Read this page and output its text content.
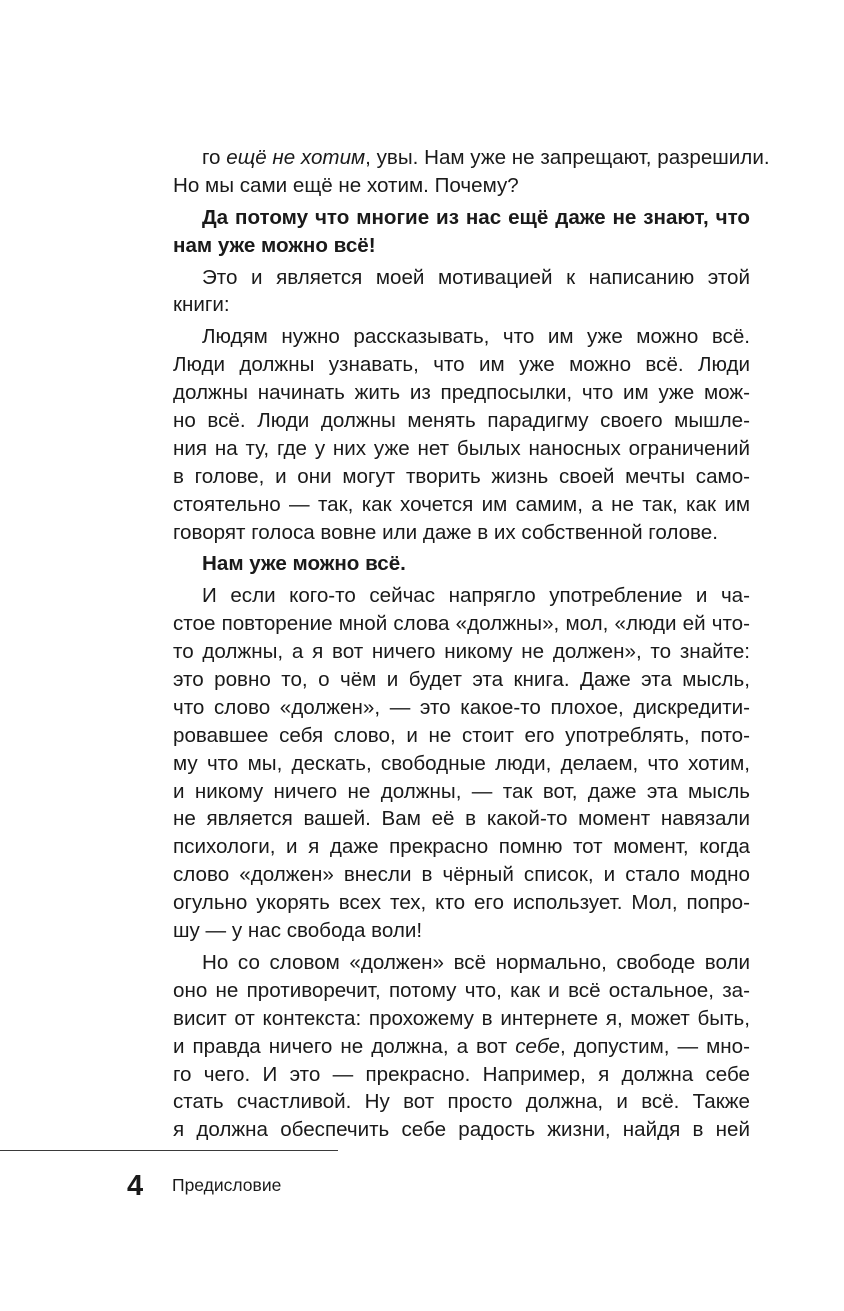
го ещё не хотим, увы. Нам уже не запрещают, разрешили.
Но мы сами ещё не хотим. Почему?
Да потому что многие из нас ещё даже не знают, что
нам уже можно всё!
Это и является моей мотивацией к написанию этой
книги:
Людям нужно рассказывать, что им уже можно всё.
Люди должны узнавать, что им уже можно всё. Люди
должны начинать жить из предпосылки, что им уже мож-
но всё. Люди должны менять парадигму своего мышле-
ния на ту, где у них уже нет былых наносных ограничений
в голове, и они могут творить жизнь своей мечты само-
стоятельно — так, как хочется им самим, а не так, как им
говорят голоса вовне или даже в их собственной голове.
Нам уже можно всё.
И если кого-то сейчас напрягло употребление и ча-
стое повторение мной слова «должны», мол, «люди ей что-
то должны, а я вот ничего никому не должен», то знайте:
это ровно то, о чём и будет эта книга. Даже эта мысль,
что слово «должен», — это какое-то плохое, дискредити-
ровавшее себя слово, и не стоит его употреблять, пото-
му что мы, дескать, свободные люди, делаем, что хотим,
и никому ничего не должны, — так вот, даже эта мысль
не является вашей. Вам её в какой-то момент навязали
психологи, и я даже прекрасно помню тот момент, когда
слово «должен» внесли в чёрный список, и стало модно
огульно укорять всех тех, кто его использует. Мол, попро-
шу — у нас свобода воли!
Но со словом «должен» всё нормально, свободе воли
оно не противоречит, потому что, как и всё остальное, за-
висит от контекста: прохожему в интернете я, может быть,
и правда ничего не должна, а вот себе, допустим, — мно-
го чего. И это — прекрасно. Например, я должна себе
стать счастливой. Ну вот просто должна, и всё. Также
я должна обеспечить себе радость жизни, найдя в ней
4 Предисловие
